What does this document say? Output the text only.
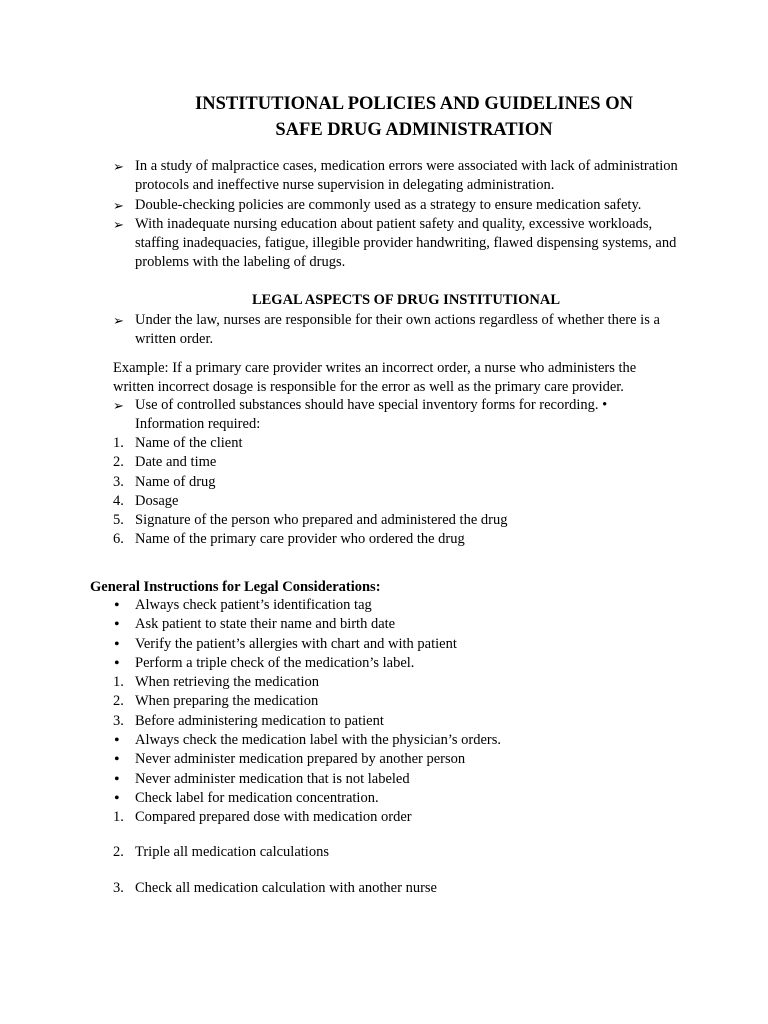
INSTITUTIONAL POLICIES AND GUIDELINES ON
SAFE DRUG ADMINISTRATION
➢ In a study of malpractice cases, medication errors were associated with lack of administration protocols and ineffective nurse supervision in delegating administration.
➢ Double-checking policies are commonly used as a strategy to ensure medication safety.
➢ With inadequate nursing education about patient safety and quality, excessive workloads, staffing inadequacies, fatigue, illegible provider handwriting, flawed dispensing systems, and problems with the labeling of drugs.
LEGAL ASPECTS OF DRUG INSTITUTIONAL
➢ Under the law, nurses are responsible for their own actions regardless of whether there is a written order.

Example: If a primary care provider writes an incorrect order, a nurse who administers the written incorrect dosage is responsible for the error as well as the primary care provider.

➢ Use of controlled substances should have special inventory forms for recording. • Information required:
1. Name of the client
2. Date and time
3. Name of drug
4. Dosage
5. Signature of the person who prepared and administered the drug
6. Name of the primary care provider who ordered the drug
General Instructions for Legal Considerations:
•	Always check patient’s identification tag
•	Ask patient to state their name and birth date
•	Verify the patient’s allergies with chart and with patient
•	Perform a triple check of the medication’s label.
1. When retrieving the medication
2. When preparing the medication
3. Before administering medication to patient
•	Always check the medication label with the physician’s orders.
•	Never administer medication prepared by another person
•	Never administer medication that is not labeled
•	Check label for medication concentration.
1. Compared prepared dose with medication order
2. Triple all medication calculations
3. Check all medication calculation with another nurse
